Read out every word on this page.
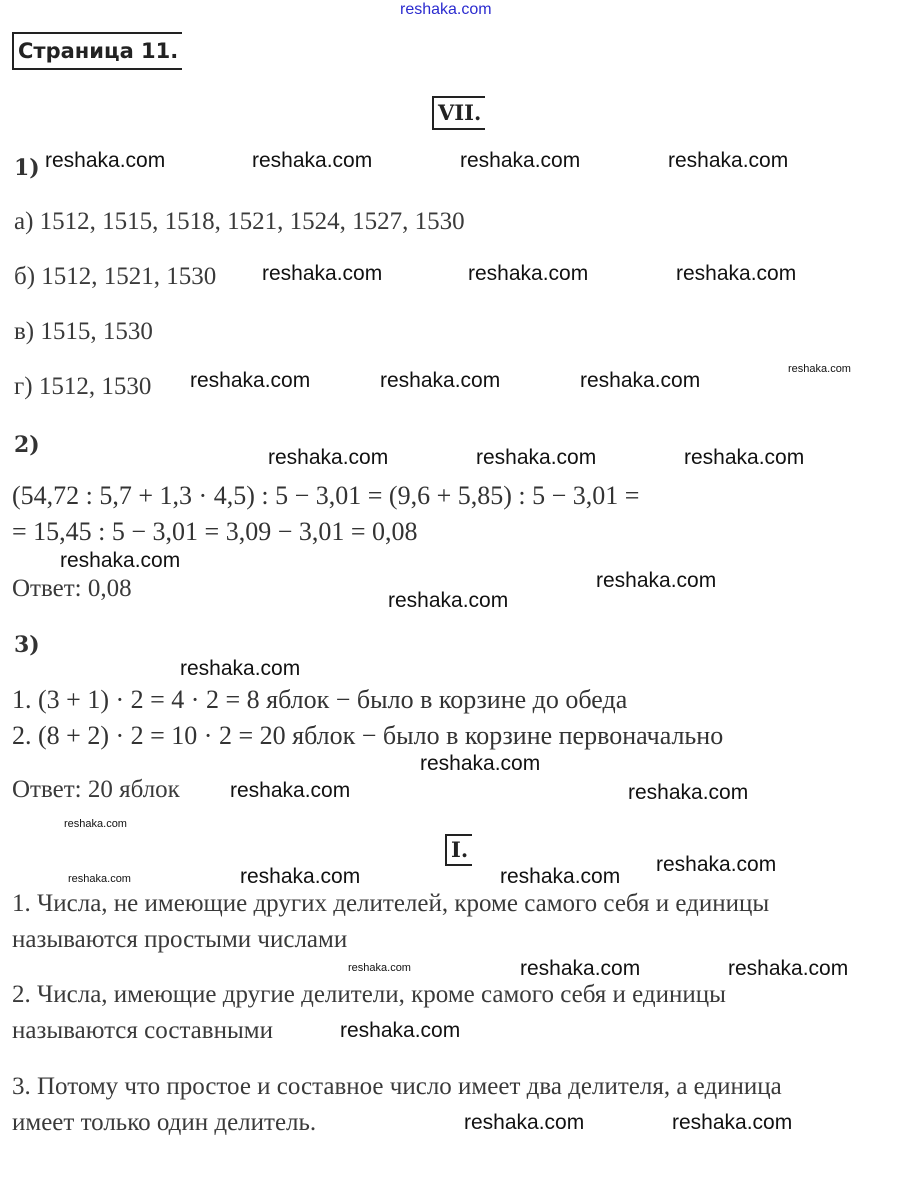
reshaka.com
Страница 11.
VII.
1)
а) 1512, 1515, 1518, 1521, 1524, 1527, 1530
б) 1512, 1521, 1530
в) 1515, 1530
г) 1512, 1530
2)
(54,72 : 5,7 + 1,3 · 4,5) : 5 − 3,01 = (9,6 + 5,85) : 5 − 3,01 =
= 15,45 : 5 − 3,01 = 3,09 − 3,01 = 0,08
Ответ: 0,08
3)
1. (3 + 1) · 2 = 4 · 2 = 8 яблок − было в корзине до обеда
2. (8 + 2) · 2 = 10 · 2 = 20 яблок − было в корзине первоначально
Ответ: 20 яблок
I.
1. Числа, не имеющие других делителей, кроме самого себя и единицы
называются простыми числами
2. Числа, имеющие другие делители, кроме самого себя и единицы
называются составными
3. Потому что простое и составное число имеет два делителя, а единица
имеет только один делитель.
reshaka.com	reshaka.com	reshaka.com	reshaka.com
reshaka.com	reshaka.com	reshaka.com
reshaka.com	reshaka.com	reshaka.com	reshaka.com
reshaka.com	reshaka.com	reshaka.com
reshaka.com
reshaka.com
reshaka.com
reshaka.com
reshaka.com
reshaka.com
reshaka.com
reshaka.com
reshaka.com
reshaka.com	reshaka.com
reshaka.com
reshaka.com
reshaka.com	reshaka.com
reshaka.com
reshaka.com	reshaka.com
